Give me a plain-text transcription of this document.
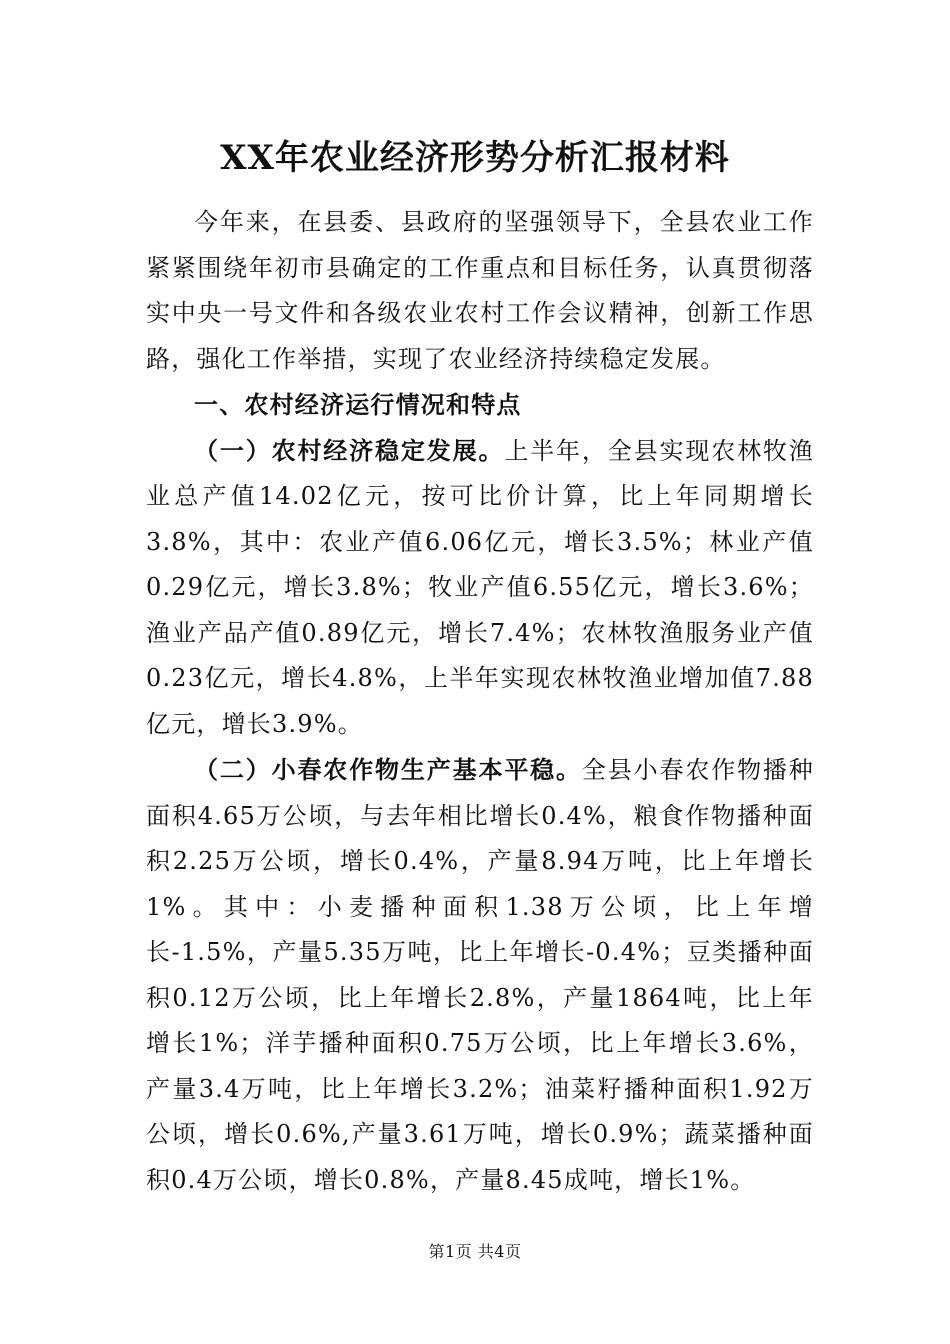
XX年农业经济形势分析汇报材料

今年来，在县委、县政府的坚强领导下，全县农业工作紧紧围绕年初市县确定的工作重点和目标任务，认真贯彻落实中央一号文件和各级农业农村工作会议精神，创新工作思路，强化工作举措，实现了农业经济持续稳定发展。

一、农村经济运行情况和特点

（一）农村经济稳定发展。上半年，全县实现农林牧渔业总产值14.02亿元，按可比价计算，比上年同期增长3.8%，其中：农业产值6.06亿元，增长3.5%；林业产值0.29亿元，增长3.8%；牧业产值6.55亿元，增长3.6%；渔业产品产值0.89亿元，增长7.4%；农林牧渔服务业产值0.23亿元，增长4.8%，上半年实现农林牧渔业增加值7.88亿元，增长3.9%。

（二）小春农作物生产基本平稳。全县小春农作物播种面积4.65万公顷，与去年相比增长0.4%，粮食作物播种面积2.25万公顷，增长0.4%，产量8.94万吨，比上年增长1%。其中：小麦播种面积1.38万公顷，比上年增长-1.5%，产量5.35万吨，比上年增长-0.4%；豆类播种面积0.12万公顷，比上年增长2.8%，产量1864吨，比上年增长1%；洋芋播种面积0.75万公顷，比上年增长3.6%，产量3.4万吨，比上年增长3.2%；油菜籽播种面积1.92万公顷，增长0.6%,产量3.61万吨，增长0.9%；蔬菜播种面积0.4万公顷，增长0.8%，产量8.45成吨，增长1%。

第1页 共4页
